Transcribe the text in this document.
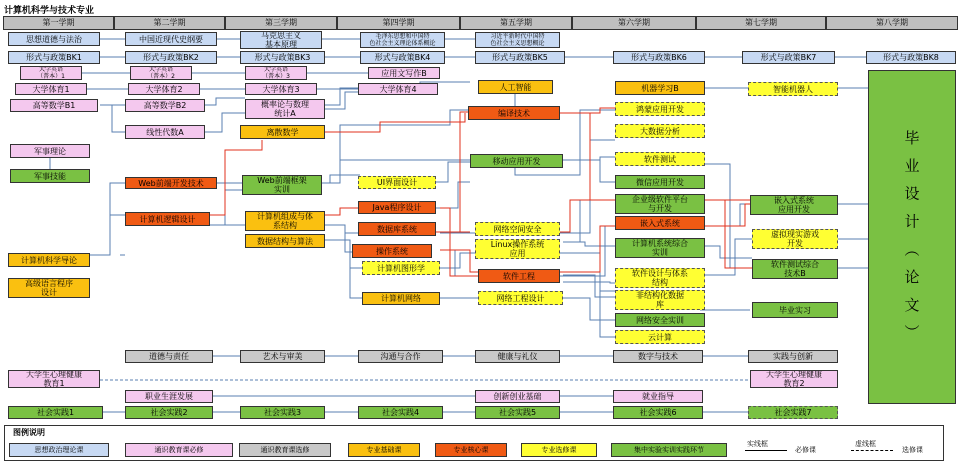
计算机科学与技术专业
第一学期	第二学期	第三学期	第四学期	第五学期	第六学期	第七学期	第八学期
思想道德与法治	中国近现代史纲要	马克思主义
基本原理
毛泽东思想和中国特
色社会主义理论体系概论
习近平新时代中国特
色社会主义思想概论
形式与政策BK1	形式与政策BK2	形式与政策BK3	形式与政策BK4	形式与政策BK5	形式与政策BK6	形式与政策BK7	形式与政策BK8
大学英语
（普本）1
大学英语
（普本）2
大学英语
（普本）3	应用文写作B
大学体育1	大学体育2	大学体育3	大学体育4
高等数学B1	高等数学B2	概率论与数理
统计A
线性代数A	离散数学
军事理论
军事技能
Web前端开发技术	Web前端框架
实训
计算机逻辑设计	计算机组成与体
系结构
数据结构与算法
计算机科学导论
高级语言程序
设计
UI界面设计
Java程序设计
数据库系统
操作系统
计算机图形学
计算机网络
人工智能
编译技术
移动应用开发
网络空间安全
Linux操作系统
应用
软件工程
网络工程设计
机器学习B
鸿蒙应用开发
大数据分析
软件测试
微信应用开发
企业级软件平台
与开发
嵌入式系统
计算机系统综合
实训
软件设计与体系
结构
非结构化数据
库
网络安全实训
云计算
智能机器人
嵌入式系统
应用开发
虚拟现实游戏
开发
软件测试综合
技术B
毕业实习	毕 业 设 计 （ 论 文 ）
道德与责任	艺术与审美	沟通与合作	健康与礼仪	数字与技术	实践与创新
大学生心理健康
教育1
大学生心理健康
教育2
职业生涯发展	创新创业基础	就业指导
社会实践1	社会实践2	社会实践3	社会实践4	社会实践5	社会实践6	社会实践7
图例说明
思想政治理论课	通识教育课必修	通识教育课选修	专业基础课	专业核心课	专业选修课	集中实验实训实践环节
实线框
必修课
虚线框
选修课
